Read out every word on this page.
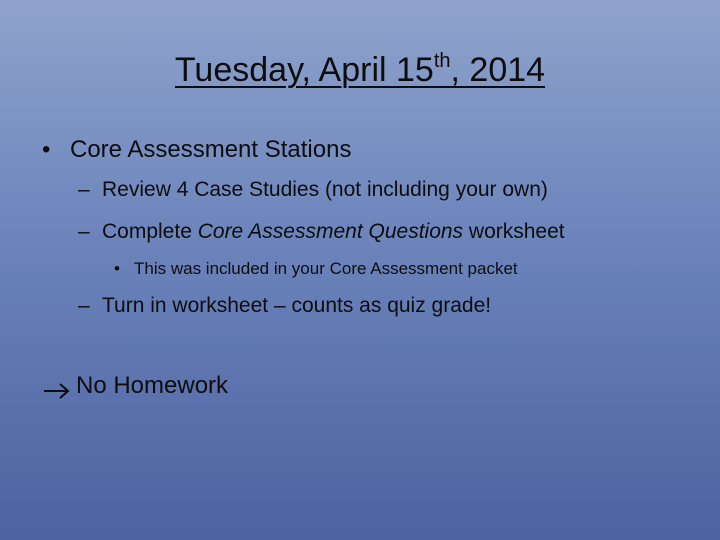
Tuesday, April 15th, 2014
• Core Assessment Stations
– Review 4 Case Studies (not including your own)
– Complete Core Assessment Questions worksheet
• This was included in your Core Assessment packet
– Turn in worksheet – counts as quiz grade!
No Homework
